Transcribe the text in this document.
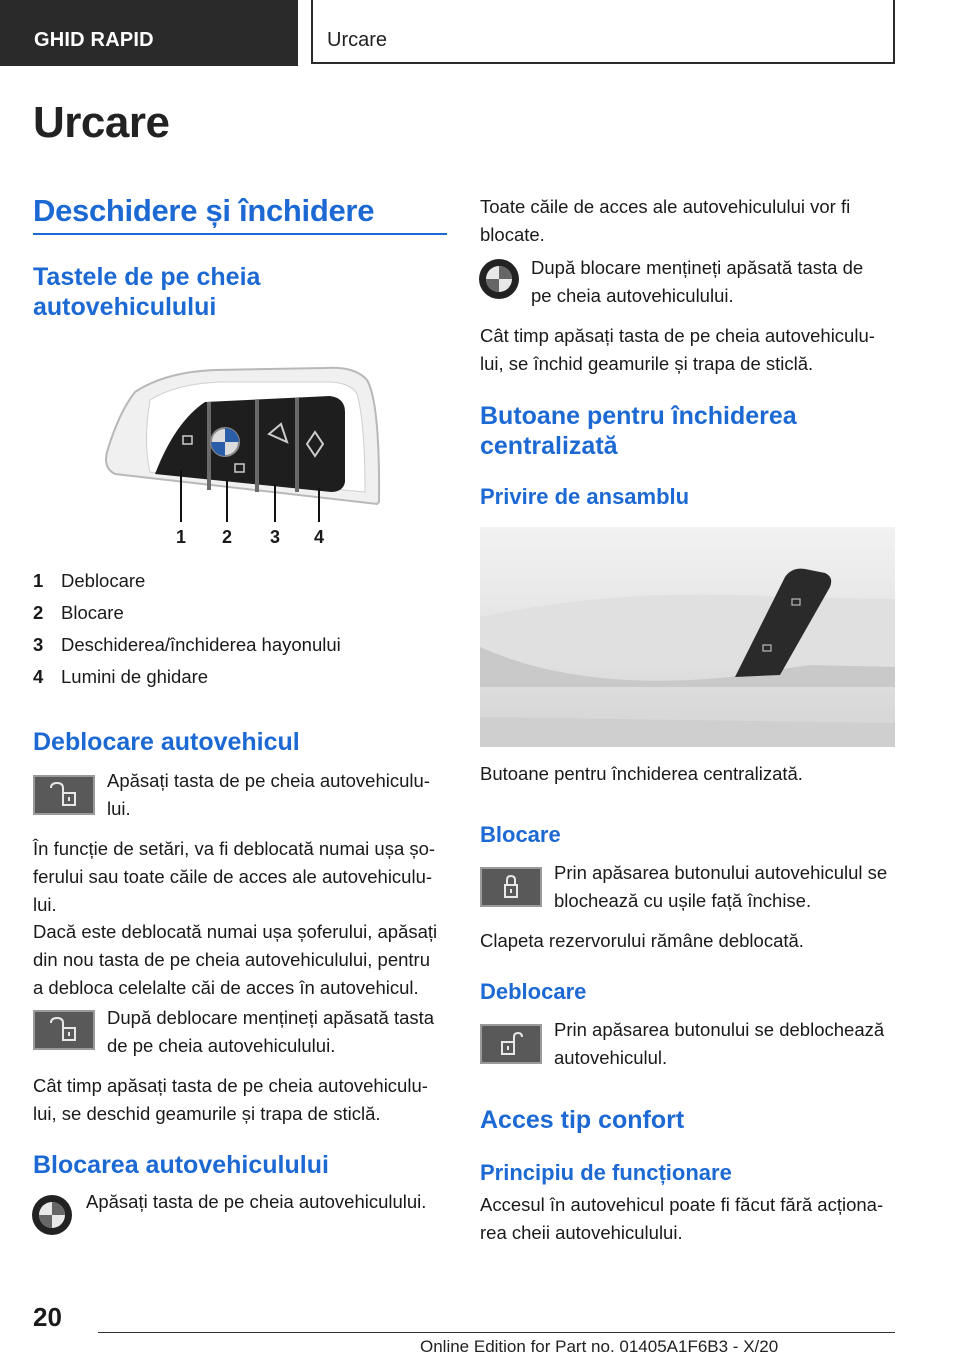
GHID RAPID	Urcare
Urcare
Deschidere și închidere
Tastele de pe cheia
autovehiculului
1 2 3 4
1 Deblocare
2 Blocare
3 Deschiderea/închiderea hayonului
4 Lumini de ghidare
Deblocare autovehicul
Apăsați tasta de pe cheia autovehiculu-
lui.
În funcție de setări, va fi deblocată numai ușa șo-
ferului sau toate căile de acces ale autovehiculu-
lui.
Dacă este deblocată numai ușa șoferului, apăsați
din nou tasta de pe cheia autovehiculului, pentru
a debloca celelalte căi de acces în autovehicul.
După deblocare mențineți apăsată tasta
de pe cheia autovehiculului.
Cât timp apăsați tasta de pe cheia autovehiculu-
lui, se deschid geamurile și trapa de sticlă.
Blocarea autovehiculului
Apăsați tasta de pe cheia autovehiculului.
Toate căile de acces ale autovehiculului vor fi
blocate.
După blocare mențineți apăsată tasta de
pe cheia autovehiculului.
Cât timp apăsați tasta de pe cheia autovehiculu-
lui, se închid geamurile și trapa de sticlă.
Butoane pentru închiderea
centralizată
Privire de ansamblu
Butoane pentru închiderea centralizată.
Blocare
Prin apăsarea butonului autovehiculul se
blochează cu ușile față închise.
Clapeta rezervorului rămâne deblocată.
Deblocare
Prin apăsarea butonului se deblochează
autovehiculul.
Acces tip confort
Principiu de funcționare
Accesul în autovehicul poate fi făcut fără acționa-
rea cheii autovehiculului.
20
Online Edition for Part no. 01405A1F6B3 - X/20
